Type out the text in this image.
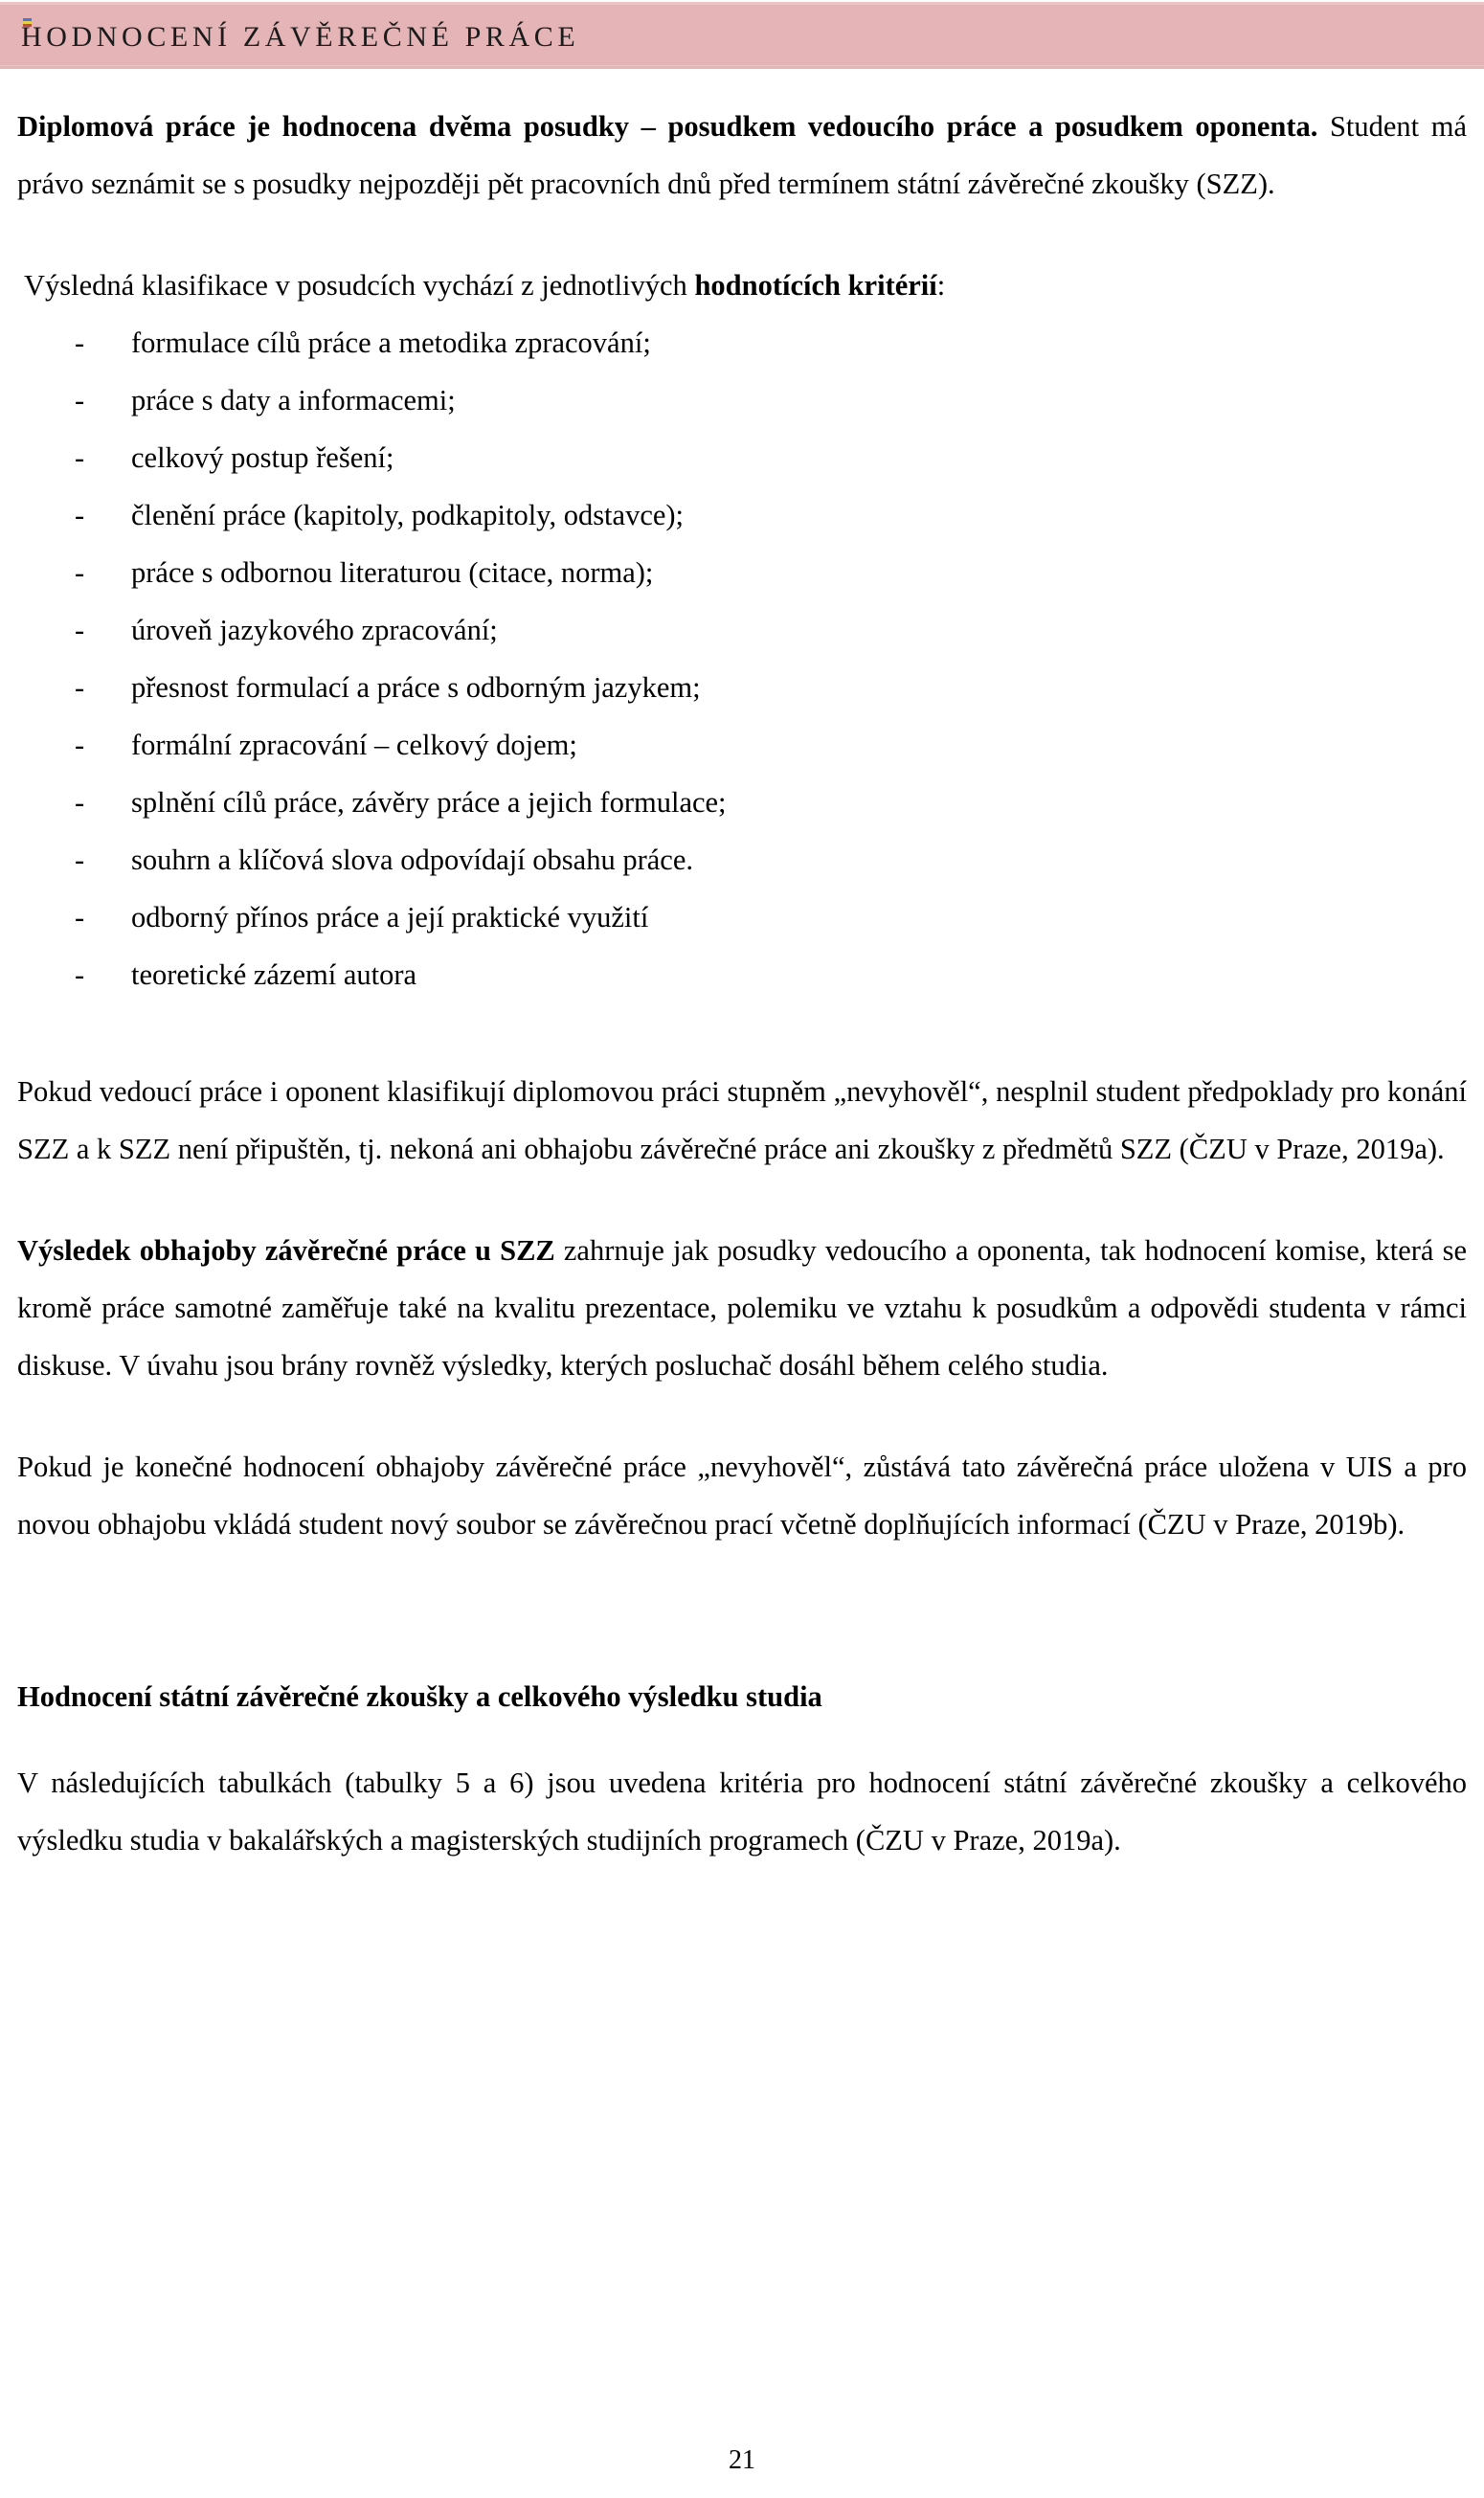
HODNOCENÍ ZÁVĚREČNÉ PRÁCE

Diplomová práce je hodnocena dvěma posudky – posudkem vedoucího práce a posudkem oponenta. Student má právo seznámit se s posudky nejpozději pět pracovních dnů před termínem státní závěrečné zkoušky (SZZ).

Výsledná klasifikace v posudcích vychází z jednotlivých hodnotících kritérií:

- formulace cílů práce a metodika zpracování;
- práce s daty a informacemi;
- celkový postup řešení;
- členění práce (kapitoly, podkapitoly, odstavce);
- práce s odbornou literaturou (citace, norma);
- úroveň jazykového zpracování;
- přesnost formulací a práce s odborným jazykem;
- formální zpracování – celkový dojem;
- splnění cílů práce, závěry práce a jejich formulace;
- souhrn a klíčová slova odpovídají obsahu práce.
- odborný přínos práce a její praktické využití
- teoretické zázemí autora

Pokud vedoucí práce i oponent klasifikují diplomovou práci stupněm „nevyhověl“, nesplnil student předpoklady pro konání SZZ a k SZZ není připuštěn, tj. nekoná ani obhajobu závěrečné práce ani zkoušky z předmětů SZZ (ČZU v Praze, 2019a).

Výsledek obhajoby závěrečné práce u SZZ zahrnuje jak posudky vedoucího a oponenta, tak hodnocení komise, která se kromě práce samotné zaměřuje také na kvalitu prezentace, polemiku ve vztahu k posudkům a odpovědi studenta v rámci diskuse. V úvahu jsou brány rovněž výsledky, kterých posluchač dosáhl během celého studia.

Pokud je konečné hodnocení obhajoby závěrečné práce „nevyhověl“, zůstává tato závěrečná práce uložena v UIS a pro novou obhajobu vkládá student nový soubor se závěrečnou prací včetně doplňujících informací (ČZU v Praze, 2019b).

Hodnocení státní závěrečné zkoušky a celkového výsledku studia

V následujících tabulkách (tabulky 5 a 6) jsou uvedena kritéria pro hodnocení státní závěrečné zkoušky a celkového výsledku studia v bakalářských a magisterských studijních programech (ČZU v Praze, 2019a).

21
